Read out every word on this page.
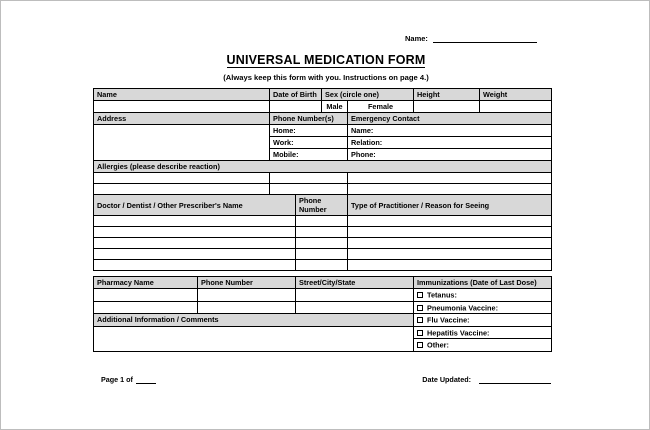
Name:
UNIVERSAL MEDICATION FORM
(Always keep this form with you. Instructions on page 4.)
Name		Date of Birth		Sex (circle one)		Height	Weight
				Male	Female		
Address		Phone Number(s)			Emergency Contact		
		Home:			Name:		
		Work:			Relation:		
		Mobile:			Phone:		
Allergies (please describe reaction)							

Doctor / Dentist / Other Prescriber's Name			Phone Number		Type of Practitioner / Reason for Seeing		

Pharmacy Name	Phone Number		Street/City/State			Immunizations (Date of Last Dose)	
						Tetanus:	
						Pneumonia Vaccine:	
Additional Information / Comments						Flu Vaccine:	
						Hepatitis Vaccine:	
						Other:	
Page 1 of	Date Updated:
